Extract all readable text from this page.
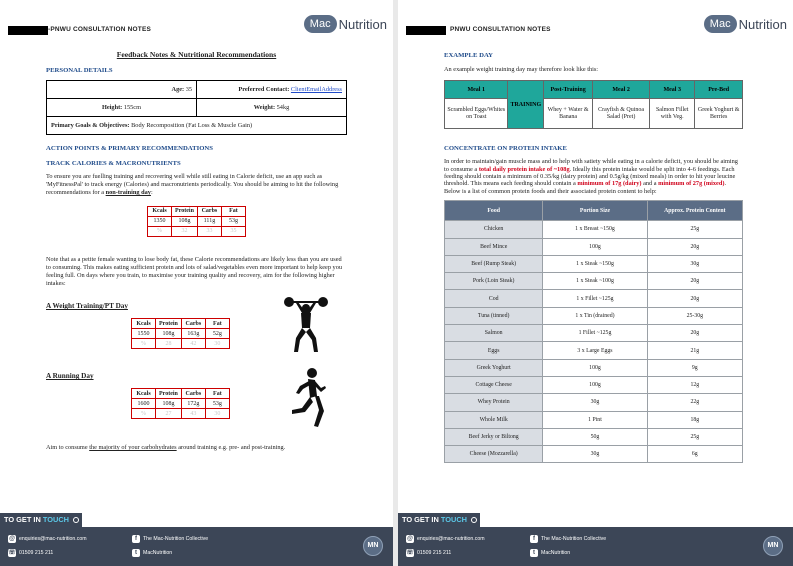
-PNWU CONSULTATION NOTES	Mac Nutrition
Feedback Notes & Nutritional Recommendations
PERSONAL DETAILS
Age: 35	Preferred Contact: ClientEmailAddress
Height: 155cm	Weight: 54kg
Primary Goals & Objectives: Body Recomposition (Fat Loss & Muscle Gain)	
ACTION POINTS & PRIMARY RECOMMENDATIONS
TRACK CALORIES & MACRONUTRIENTS

To ensure you are fuelling training and recovering well while still eating in Calorie deficit, use an app such as 'MyFitnessPal' to track energy (Calories) and macronutrients periodically. You should be aiming to hit the following recommendations for a non-training day:

Kcals	Protein	Carbs	Fat
1350	108g	111g	53g
%	32	33	35

Note that as a petite female wanting to lose body fat, these Calorie recommendations are likely less than you are used to consuming. This makes eating sufficient protein and lots of salad/vegetables even more important to help keep you feeling full. On days where you train, to maximise your training quality and recovery, aim for the following higher intakes:

A Weight Training/PT Day
Kcals	Protein	Carbs	Fat
1550	108g	163g	52g
%	28	42	30
A Running Day
Kcals	Protein	Carbs	Fat
1600	108g	172g	53g
%	27	43	30

Aim to consume the majority of your carbohydrates around training e.g. pre- and post-training.

TO GET IN TOUCH
@ enquiries@mac-nutrition.com
☏ 01509 215 211
f	The Mac-Nutrition Collective
t	MacNutrition
MN
PNWU CONSULTATION NOTES	Mac Nutrition
EXAMPLE DAY

An example weight training day may therefore look like this:

Meal 1	TRAINING	Post-Training	Meal 2	Meal 3	Pre-Bed
Scrambled Eggs/Whites on Toast		Whey + Water & Banana	Crayfish & Quinoa Salad (Pret)	Salmon Fillet with Veg.	Greek Yoghurt & Berries
CONCENTRATE ON PROTEIN INTAKE

In order to maintain/gain muscle mass and to help with satiety while eating in a calorie deficit, you should be aiming to consume a total daily protein intake of ~108g. Ideally this protein intake would be split into 4-6 feedings. Each feeding should contain a minimum of 0.35/kg (dairy protein) and 0.5g/kg (mixed meals) in order to hit your leucine threshold. This means each feeding should contain a minimum of 17g (dairy) and a minimum of 27g (mixed). Below is a list of common protein foods and their associated protein content to help:

Food	Portion Size	Approx. Protein Content
Chicken	1 x Breast ~150g	25g
Beef Mince	100g	20g
Beef (Rump Steak)	1 x Steak ~150g	30g
Pork (Loin Steak)	1 x Steak ~100g	20g
Cod	1 x Fillet ~125g	20g
Tuna (tinned)	1 x Tin (drained)	25-30g
Salmon	1 Fillet ~125g	20g
Eggs	3 x Large Eggs	21g
Greek Yoghurt	100g	9g
Cottage Cheese	100g	12g
Whey Protein	30g	22g
Whole Milk	1 Pint	18g
Beef Jerky or Biltong	50g	25g
Cheese (Mozzarella)	30g	6g
TO GET IN TOUCH
@ enquiries@mac-nutrition.com
☏ 01509 215 211
f	The Mac-Nutrition Collective
t	MacNutrition
MN
